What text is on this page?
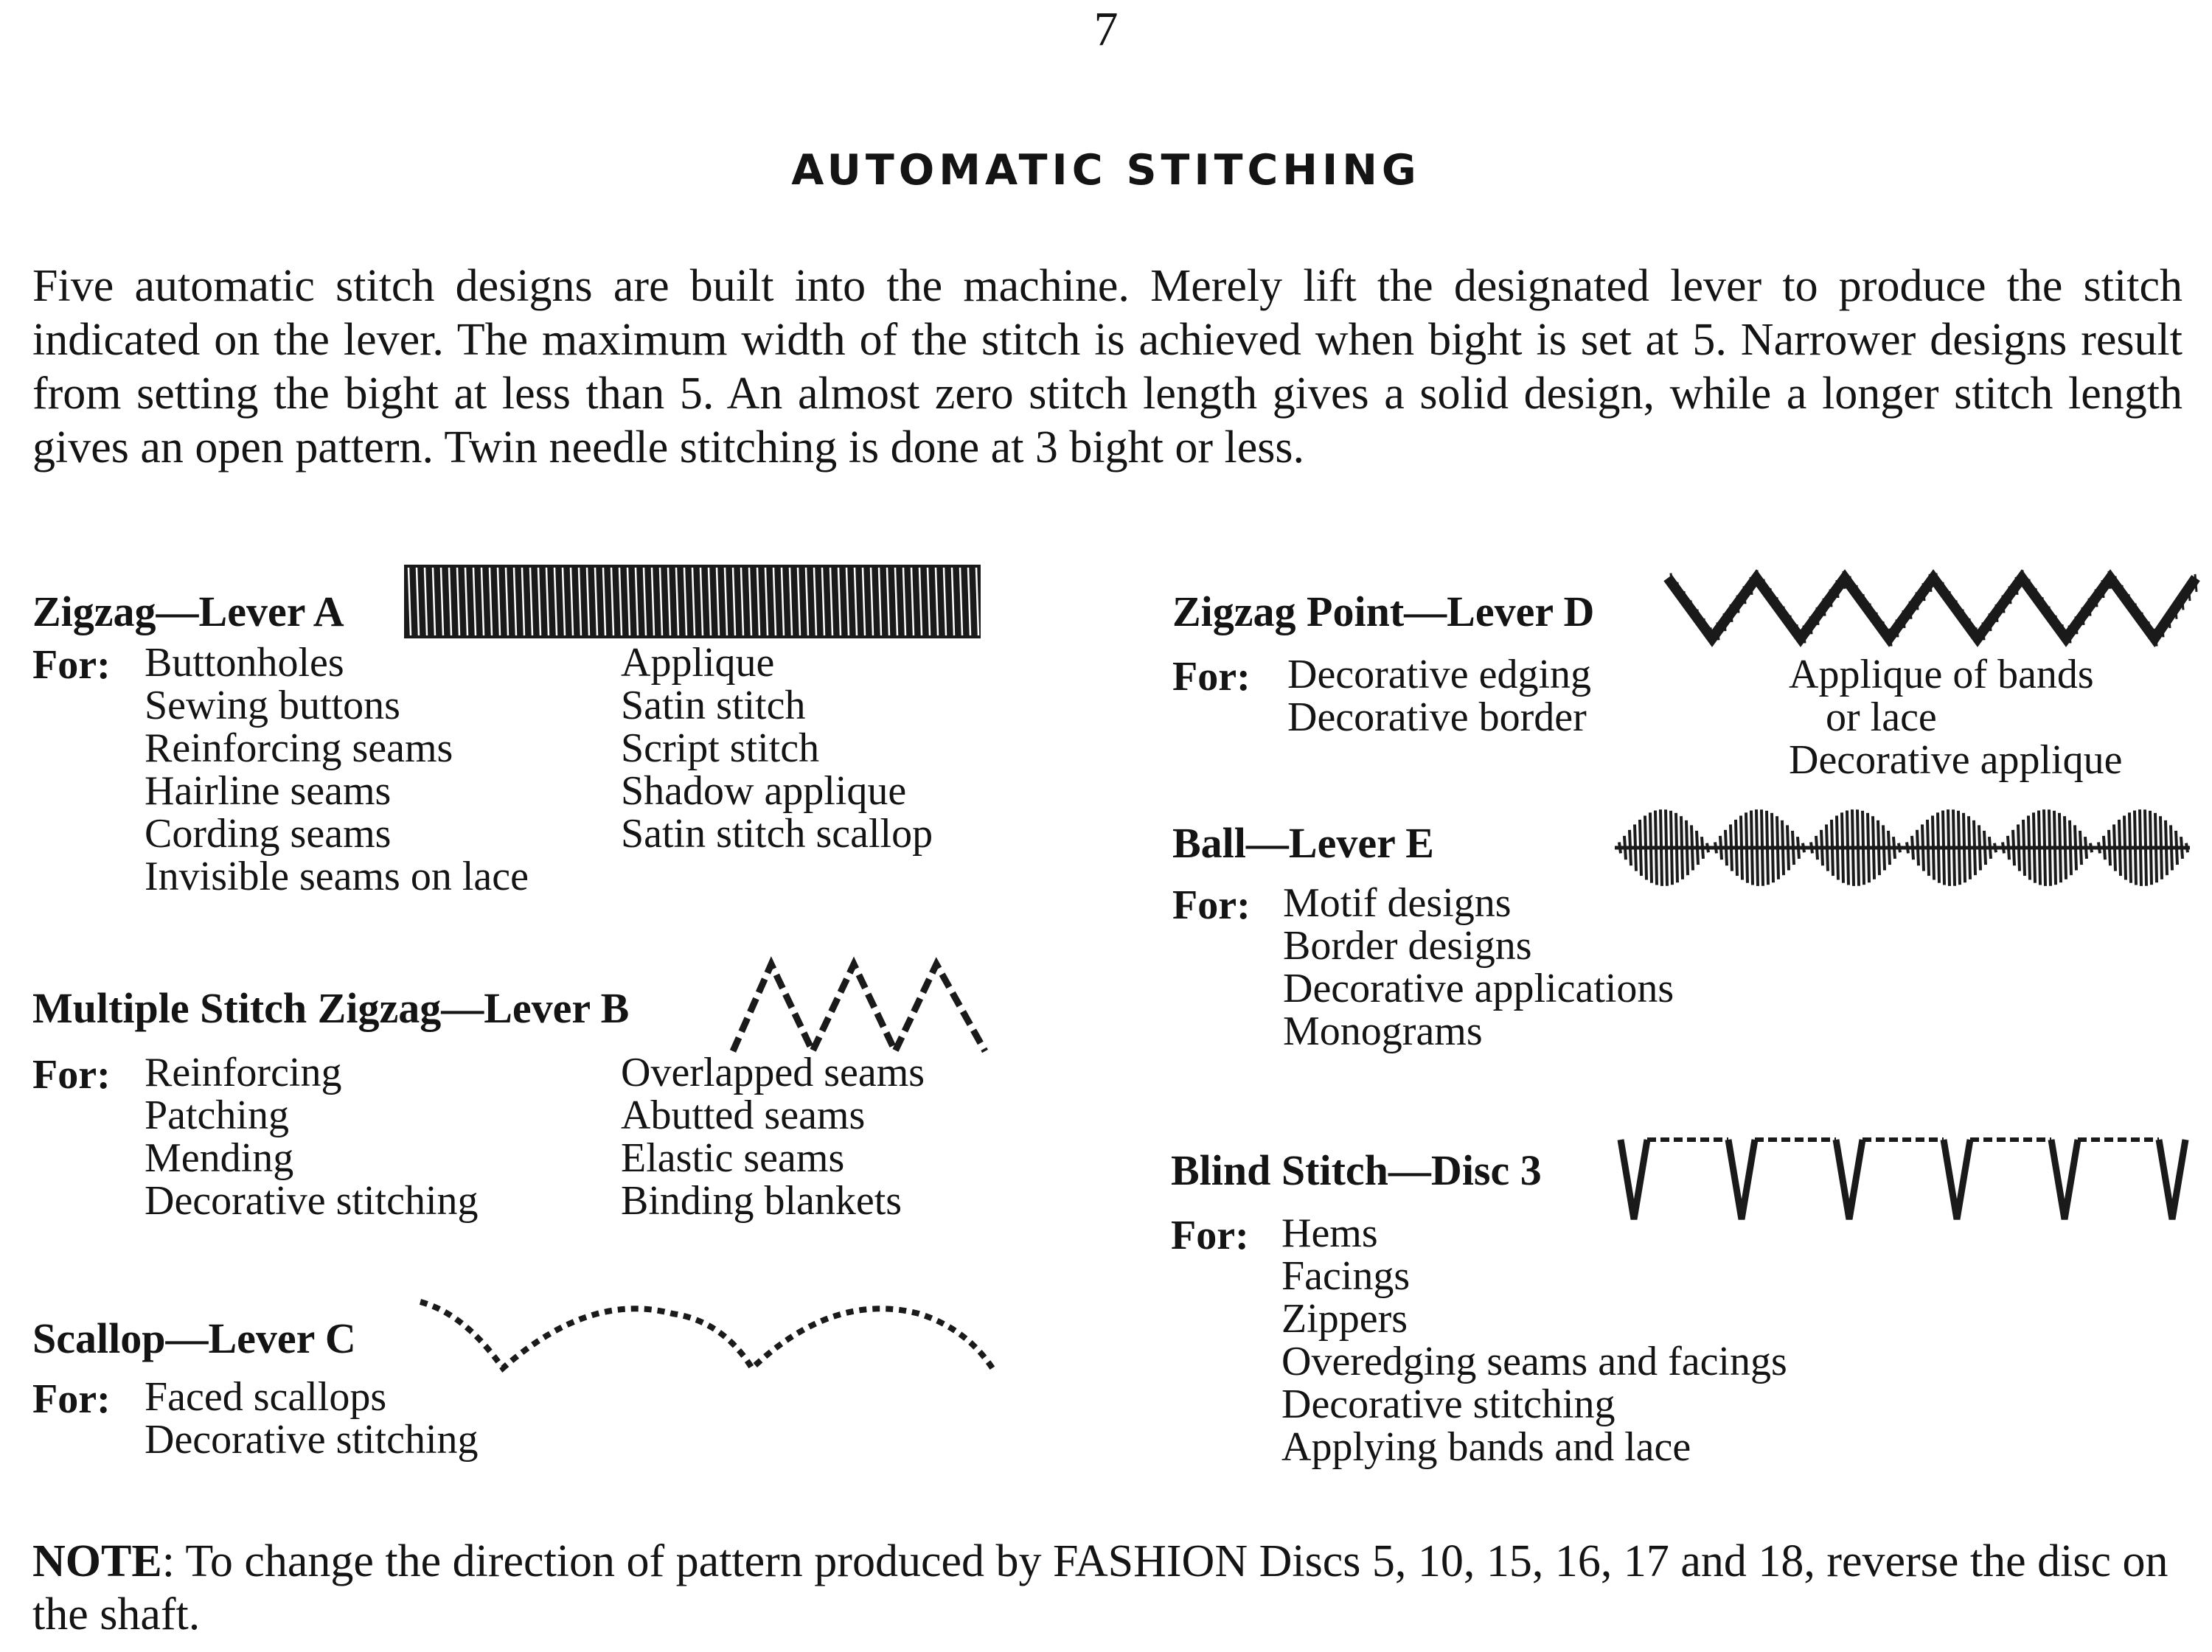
7
AUTOMATIC STITCHING

Five automatic stitch designs are built into the machine. Merely lift the designated lever to produce the stitch indicated on the lever. The maximum width of the stitch is achieved when bight is set at 5. Narrower designs result from setting the bight at less than 5. An almost zero stitch length gives a solid design, while a longer stitch length gives an open pattern. Twin needle stitching is done at 3 bight or less.

Zigzag—Lever A
For: Buttonholes
Sewing buttons
Reinforcing seams
Hairline seams
Cording seams
Invisible seams on lace
Applique
Satin stitch
Script stitch
Shadow applique
Satin stitch scallop
Multiple Stitch Zigzag—Lever B
For: Reinforcing
Patching
Mending
Decorative stitching
Overlapped seams
Abutted seams
Elastic seams
Binding blankets
Scallop—Lever C
For: Faced scallops
Decorative stitching
Zigzag Point—Lever D
For: Decorative edging
Decorative border
Applique of bands
or lace
Decorative applique
Ball—Lever E
For: Motif designs
Border designs
Decorative applications
Monograms
Blind Stitch—Disc 3
For: Hems
Facings
Zippers
Overedging seams and facings
Decorative stitching
Applying bands and lace
NOTE: To change the direction of pattern produced by FASHION Discs 5, 10, 15, 16, 17 and 18, reverse the disc on the shaft.
